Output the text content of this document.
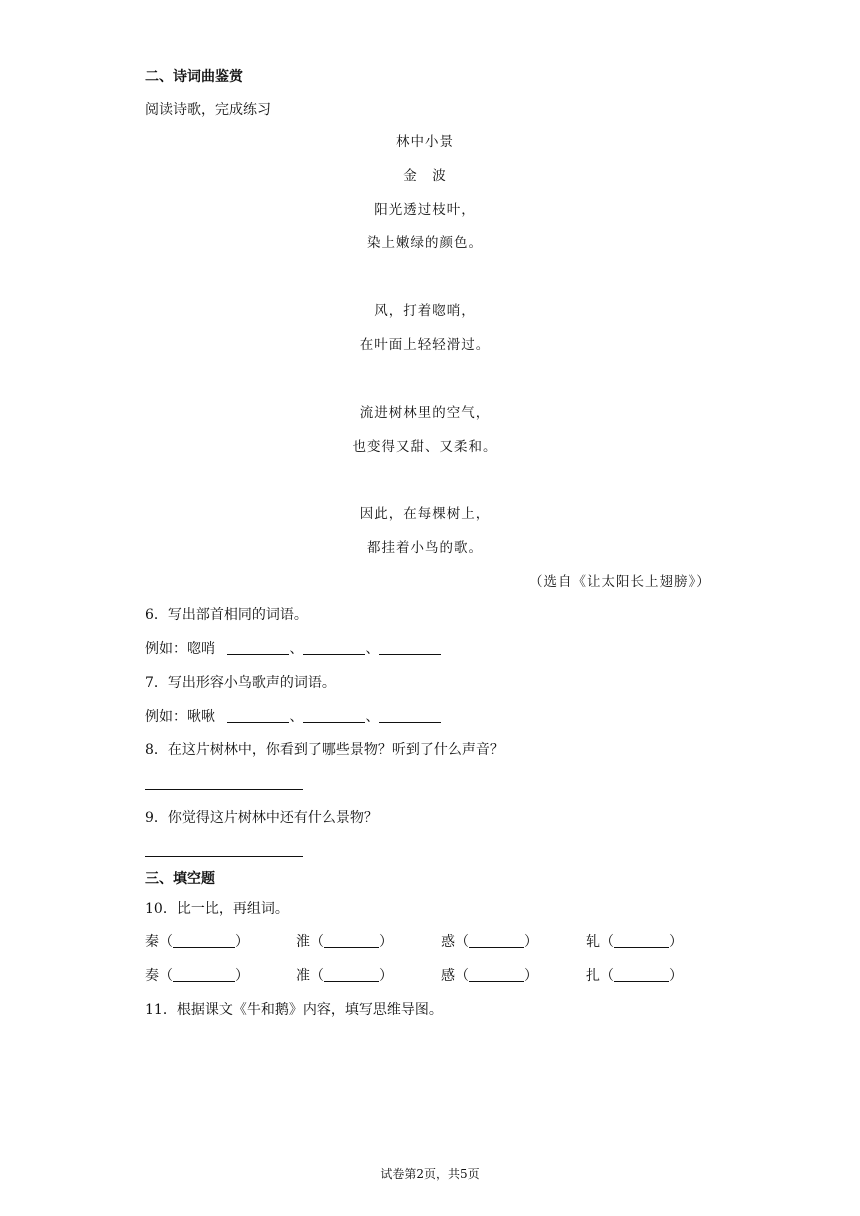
二、诗词曲鉴赏
阅读诗歌，完成练习
林中小景
金　波
阳光透过枝叶，
染上嫩绿的颜色。
风，打着唿哨，
在叶面上轻轻滑过。
流进树林里的空气，
也变得又甜、又柔和。
因此，在每棵树上，
都挂着小鸟的歌。
（选自《让太阳长上翅膀》）
6．写出部首相同的词语。
例如：唿哨	、	、
7．写出形容小鸟歌声的词语。
例如：啾啾	、	、
8．在这片树林中，你看到了哪些景物？听到了什么声音？
9．你觉得这片树林中还有什么景物？
三、填空题
10．比一比，再组词。
秦（	）	淮（	）	惑（	）	轧（	）
奏（	）	准（	）	感（	）	扎（	）
11．根据课文《牛和鹅》内容，填写思维导图。
试卷第2页，共5页
